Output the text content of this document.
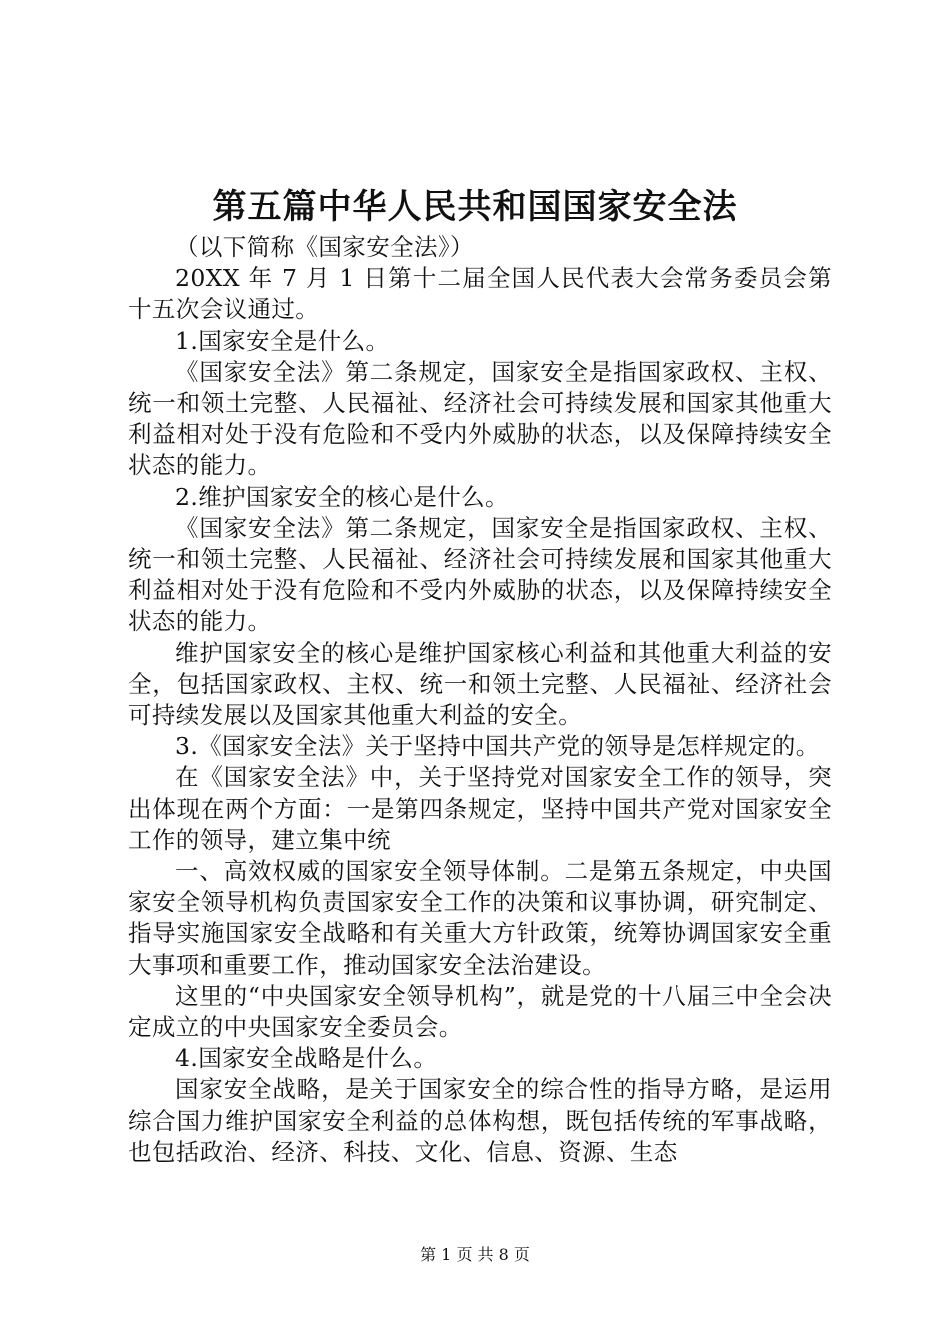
第五篇中华人民共和国国家安全法

（以下简称《国家安全法》）

20XX 年 7 月 1 日第十二届全国人民代表大会常务委员会第十五次会议通过。

1.国家安全是什么。

《国家安全法》第二条规定，国家安全是指国家政权、主权、统一和领土完整、人民福祉、经济社会可持续发展和国家其他重大利益相对处于没有危险和不受内外威胁的状态，以及保障持续安全状态的能力。

2.维护国家安全的核心是什么。

《国家安全法》第二条规定，国家安全是指国家政权、主权、统一和领土完整、人民福祉、经济社会可持续发展和国家其他重大利益相对处于没有危险和不受内外威胁的状态，以及保障持续安全状态的能力。

维护国家安全的核心是维护国家核心利益和其他重大利益的安全，包括国家政权、主权、统一和领土完整、人民福祉、经济社会可持续发展以及国家其他重大利益的安全。

3.《国家安全法》关于坚持中国共产党的领导是怎样规定的。

在《国家安全法》中，关于坚持党对国家安全工作的领导，突出体现在两个方面：一是第四条规定，坚持中国共产党对国家安全工作的领导，建立集中统

一、高效权威的国家安全领导体制。二是第五条规定，中央国家安全领导机构负责国家安全工作的决策和议事协调，研究制定、指导实施国家安全战略和有关重大方针政策，统筹协调国家安全重大事项和重要工作，推动国家安全法治建设。

这里的“中央国家安全领导机构”，就是党的十八届三中全会决定成立的中央国家安全委员会。

4.国家安全战略是什么。

国家安全战略，是关于国家安全的综合性的指导方略，是运用综合国力维护国家安全利益的总体构想，既包括传统的军事战略，也包括政治、经济、科技、文化、信息、资源、生态

第 1 页 共 8 页
